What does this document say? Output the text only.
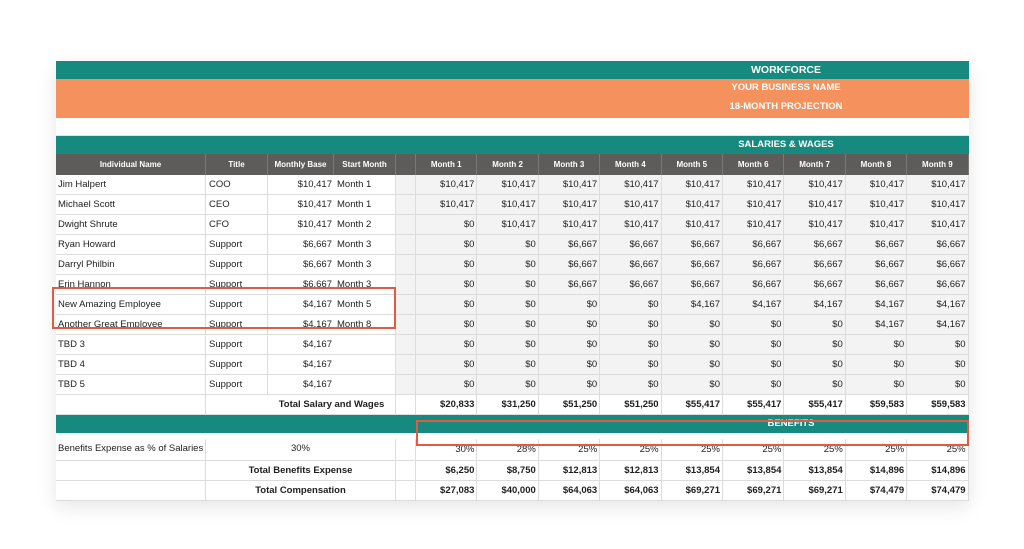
WORKFORCE
YOUR BUSINESS NAME
18-MONTH PROJECTION
SALARIES & WAGES
Individual Name	Title	Monthly Base	Start Month	Month 1	Month 2	Month 3	Month 4	Month 5	Month 6	Month 7	Month 8	Month 9
Jim Halpert	COO	$10,417 Month 1	$10,417	$10,417	$10,417	$10,417	$10,417	$10,417	$10,417	$10,417	$10,417
Michael Scott	CEO	$10,417 Month 1	$10,417	$10,417	$10,417	$10,417	$10,417	$10,417	$10,417	$10,417	$10,417
Dwight Shrute	CFO	$10,417 Month 2	$0	$10,417	$10,417	$10,417	$10,417	$10,417	$10,417	$10,417	$10,417
Ryan Howard	Support	$6,667 Month 3	$0	$0	$6,667	$6,667	$6,667	$6,667	$6,667	$6,667	$6,667
Darryl Philbin	Support	$6,667 Month 3	$0	$0	$6,667	$6,667	$6,667	$6,667	$6,667	$6,667	$6,667
Erin Hannon	Support	$6,667 Month 3	$0	$0	$6,667	$6,667	$6,667	$6,667	$6,667	$6,667	$6,667
New Amazing Employee	Support	$4,167 Month 5	$0	$0	$0	$0	$4,167	$4,167	$4,167	$4,167	$4,167
Another Great Employee	Support	$4,167 Month 8	$0	$0	$0	$0	$0	$0	$0	$4,167	$4,167
TBD 3	Support	$4,167	$0	$0	$0	$0	$0	$0	$0	$0	$0
TBD 4	Support	$4,167	$0	$0	$0	$0	$0	$0	$0	$0	$0
TBD 5	Support	$4,167	$0	$0	$0	$0	$0	$0	$0	$0	$0
Total Salary and Wages	$20,833	$31,250	$51,250	$51,250	$55,417	$55,417	$55,417	$59,583	$59,583
BENEFITS
Benefits Expense as % of Salaries	30%	30%	28%	25%	25%	25%	25%	25%	25%	25%
Total Benefits Expense	$6,250	$8,750	$12,813	$12,813	$13,854	$13,854	$13,854	$14,896	$14,896
Total Compensation	$27,083	$40,000	$64,063	$64,063	$69,271	$69,271	$69,271	$74,479	$74,479
